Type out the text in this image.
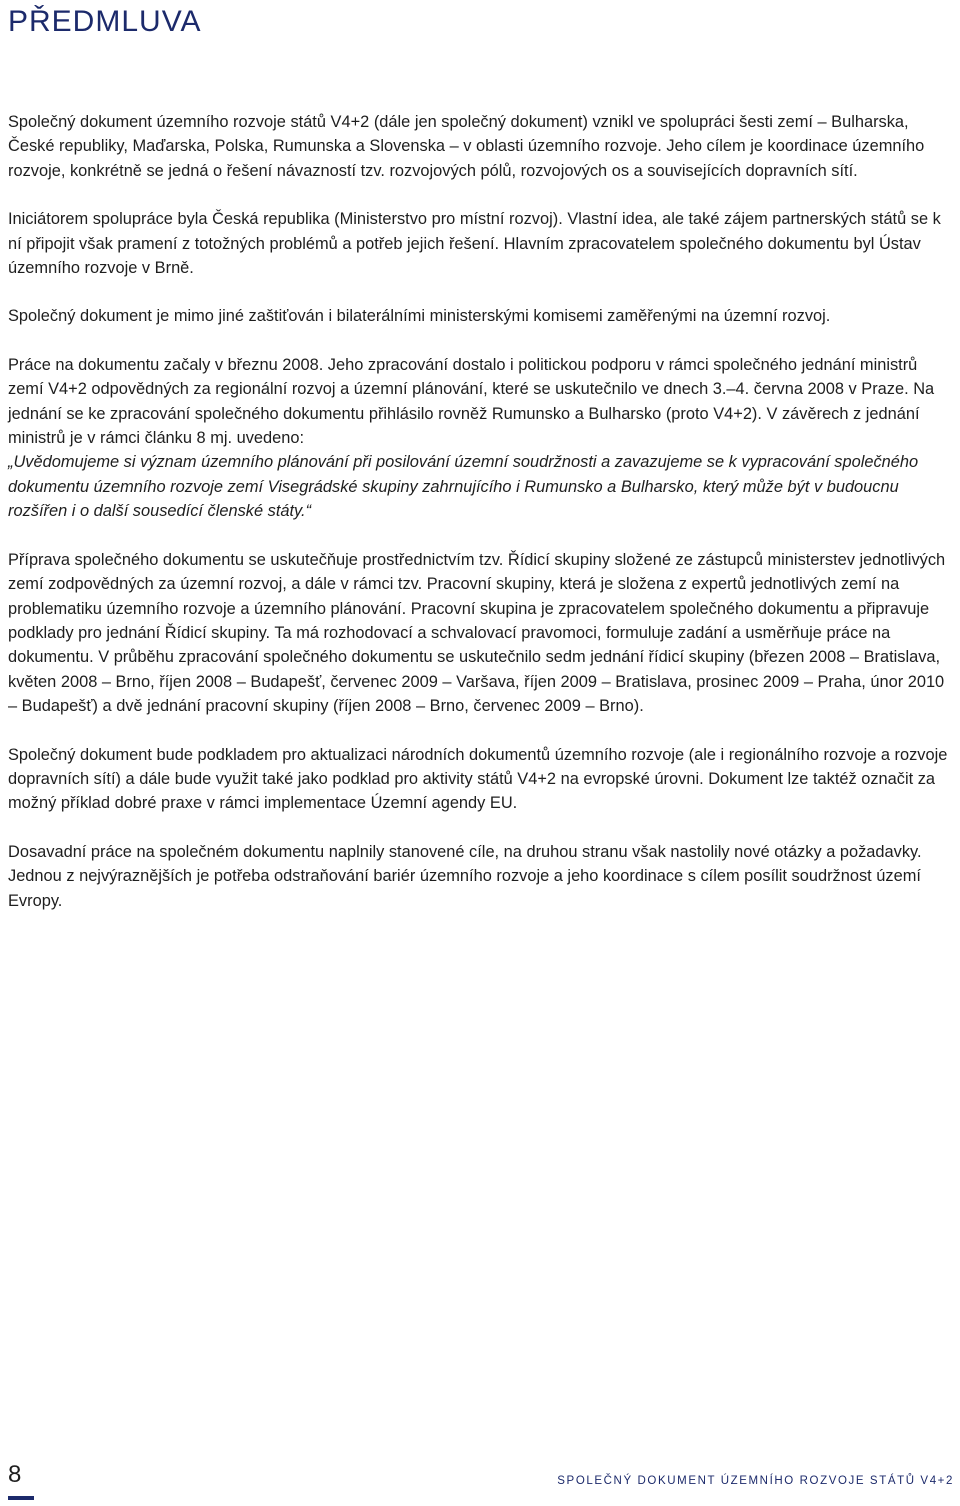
PŘEDMLUVA

Společný dokument územního rozvoje států V4+2 (dále jen společný dokument) vznikl ve spolupráci šesti zemí – Bulharska, České republiky, Maďarska, Polska, Rumunska a Slovenska – v oblasti územního rozvoje. Jeho cílem je koordinace územního rozvoje, konkrétně se jedná o řešení návazností tzv. rozvojových pólů, rozvojových os a souvisejících dopravních sítí.

Iniciátorem spolupráce byla Česká republika (Ministerstvo pro místní rozvoj). Vlastní idea, ale také zájem partnerských států se k ní připojit však pramení z totožných problémů a potřeb jejich řešení. Hlavním zpracovatelem společného dokumentu byl Ústav územního rozvoje v Brně.

Společný dokument je mimo jiné zaštiťován i bilaterálními ministerskými komisemi zaměřenými na územní rozvoj.

Práce na dokumentu začaly v březnu 2008. Jeho zpracování dostalo i politickou podporu v rámci společného jednání ministrů zemí V4+2 odpovědných za regionální rozvoj a územní plánování, které se uskutečnilo ve dnech 3.–4. června 2008 v Praze. Na jednání se ke zpracování společného dokumentu přihlásilo rovněž Rumunsko a Bulharsko (proto V4+2). V závěrech z jednání ministrů je v rámci článku 8 mj. uvedeno:

„Uvědomujeme si význam územního plánování při posilování územní soudržnosti a zavazujeme se k vypracování společného dokumentu územního rozvoje zemí Visegrádské skupiny zahrnujícího i Rumunsko a Bulharsko, který může být v budoucnu rozšířen i o další sousedící členské státy.“

Příprava společného dokumentu se uskutečňuje prostřednictvím tzv. Řídicí skupiny složené ze zástupců ministerstev jednotlivých zemí zodpovědných za územní rozvoj, a dále v rámci tzv. Pracovní skupiny, která je složena z expertů jednotlivých zemí na problematiku územního rozvoje a územního plánování. Pracovní skupina je zpracovatelem společného dokumentu a připravuje podklady pro jednání Řídicí skupiny. Ta má rozhodovací a schvalovací pravomoci, formuluje zadání a usměrňuje práce na dokumentu. V průběhu zpracování společného dokumentu se uskutečnilo sedm jednání řídicí skupiny (březen 2008 – Bratislava, květen 2008 – Brno, říjen 2008 – Budapešť, červenec 2009 – Varšava, říjen 2009 – Bratislava, prosinec 2009 – Praha, únor 2010 – Budapešť) a dvě jednání pracovní skupiny (říjen 2008 – Brno, červenec 2009 – Brno).

Společný dokument bude podkladem pro aktualizaci národních dokumentů územního rozvoje (ale i regionálního rozvoje a rozvoje dopravních sítí) a dále bude využit také jako podklad pro aktivity států V4+2 na evropské úrovni. Dokument lze taktéž označit za možný příklad dobré praxe v rámci implementace Územní agendy EU.

Dosavadní práce na společném dokumentu naplnily stanovené cíle, na druhou stranu však nastolily nové otázky a požadavky. Jednou z nejvýraznějších je potřeba odstraňování bariér územního rozvoje a jeho koordinace s cílem posílit soudržnost území Evropy.

8	SPOLEČNÝ DOKUMENT ÚZEMNÍHO ROZVOJE STÁTŮ V4+2
